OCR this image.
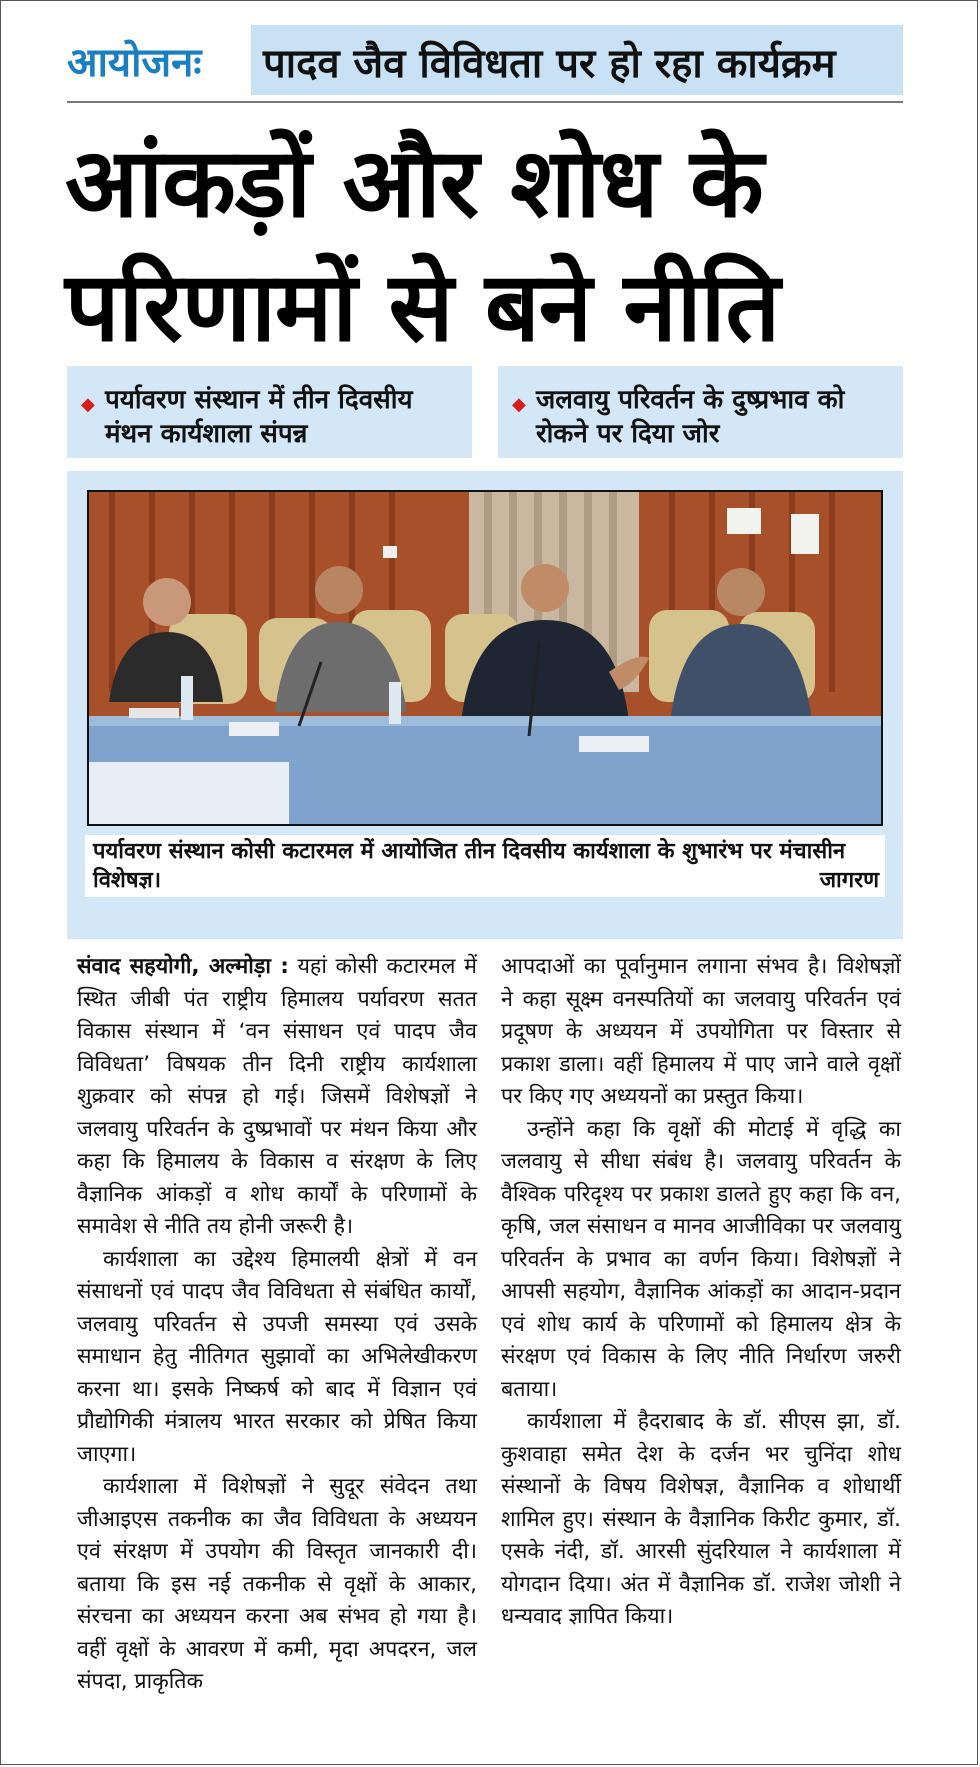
आयोजनः पादव जैव विविधता पर हो रहा कार्यक्रम
आंकड़ों और शोध के
परिणामों से बने नीति
◆ पर्यावरण संस्थान में तीन दिवसीय मंथन कार्यशाला संपन्न
◆ जलवायु परिवर्तन के दुष्प्रभाव को रोकने पर दिया जोर
पर्यावरण संस्थान कोसी कटारमल में आयोजित तीन दिवसीय कार्यशाला के शुभारंभ पर मंचासीन विशेषज्ञ।	जागरण

संवाद सहयोगी, अल्मोड़ा : यहां कोसी कटारमल में स्थित जीबी पंत राष्ट्रीय हिमालय पर्यावरण सतत विकास संस्थान में ‘वन संसाधन एवं पादप जैव विविधता’ विषयक तीन दिनी राष्ट्रीय कार्यशाला शुक्रवार को संपन्न हो गई। जिसमें विशेषज्ञों ने जलवायु परिवर्तन के दुष्प्रभावों पर मंथन किया और कहा कि हिमालय के विकास व संरक्षण के लिए वैज्ञानिक आंकड़ों व शोध कार्यों के परिणामों के समावेश से नीति तय होनी जरूरी है।

कार्यशाला का उद्देश्य हिमालयी क्षेत्रों में वन संसाधनों एवं पादप जैव विविधता से संबंधित कार्यों, जलवायु परिवर्तन से उपजी समस्या एवं उसके समाधान हेतु नीतिगत सुझावों का अभिलेखीकरण करना था। इसके निष्कर्ष को बाद में विज्ञान एवं प्रौद्योगिकी मंत्रालय भारत सरकार को प्रेषित किया जाएगा।

कार्यशाला में विशेषज्ञों ने सुदूर संवेदन तथा जीआइएस तकनीक का जैव विविधता के अध्ययन एवं संरक्षण में उपयोग की विस्तृत जानकारी दी। बताया कि इस नई तकनीक से वृक्षों के आकार, संरचना का अध्ययन करना अब संभव हो गया है। वहीं वृक्षों के आवरण में कमी, मृदा अपदरन, जल संपदा, प्राकृतिक

आपदाओं का पूर्वानुमान लगाना संभव है। विशेषज्ञों ने कहा सूक्ष्म वनस्पतियों का जलवायु परिवर्तन एवं प्रदूषण के अध्ययन में उपयोगिता पर विस्तार से प्रकाश डाला। वहीं हिमालय में पाए जाने वाले वृक्षों पर किए गए अध्ययनों का प्रस्तुत किया।

उन्होंने कहा कि वृक्षों की मोटाई में वृद्धि का जलवायु से सीधा संबंध है। जलवायु परिवर्तन के वैश्विक परिदृश्य पर प्रकाश डालते हुए कहा कि वन, कृषि, जल संसाधन व मानव आजीविका पर जलवायु परिवर्तन के प्रभाव का वर्णन किया। विशेषज्ञों ने आपसी सहयोग, वैज्ञानिक आंकड़ों का आदान-प्रदान एवं शोध कार्य के परिणामों को हिमालय क्षेत्र के संरक्षण एवं विकास के लिए नीति निर्धारण जरुरी बताया।

कार्यशाला में हैदराबाद के डॉ. सीएस झा, डॉ. कुशवाहा समेत देश के दर्जन भर चुनिंदा शोध संस्थानों के विषय विशेषज्ञ, वैज्ञानिक व शोधार्थी शामिल हुए। संस्थान के वैज्ञानिक किरीट कुमार, डॉ. एसके नंदी, डॉ. आरसी सुंदरियाल ने कार्यशाला में योगदान दिया। अंत में वैज्ञानिक डॉ. राजेश जोशी ने धन्यवाद ज्ञापित किया।
